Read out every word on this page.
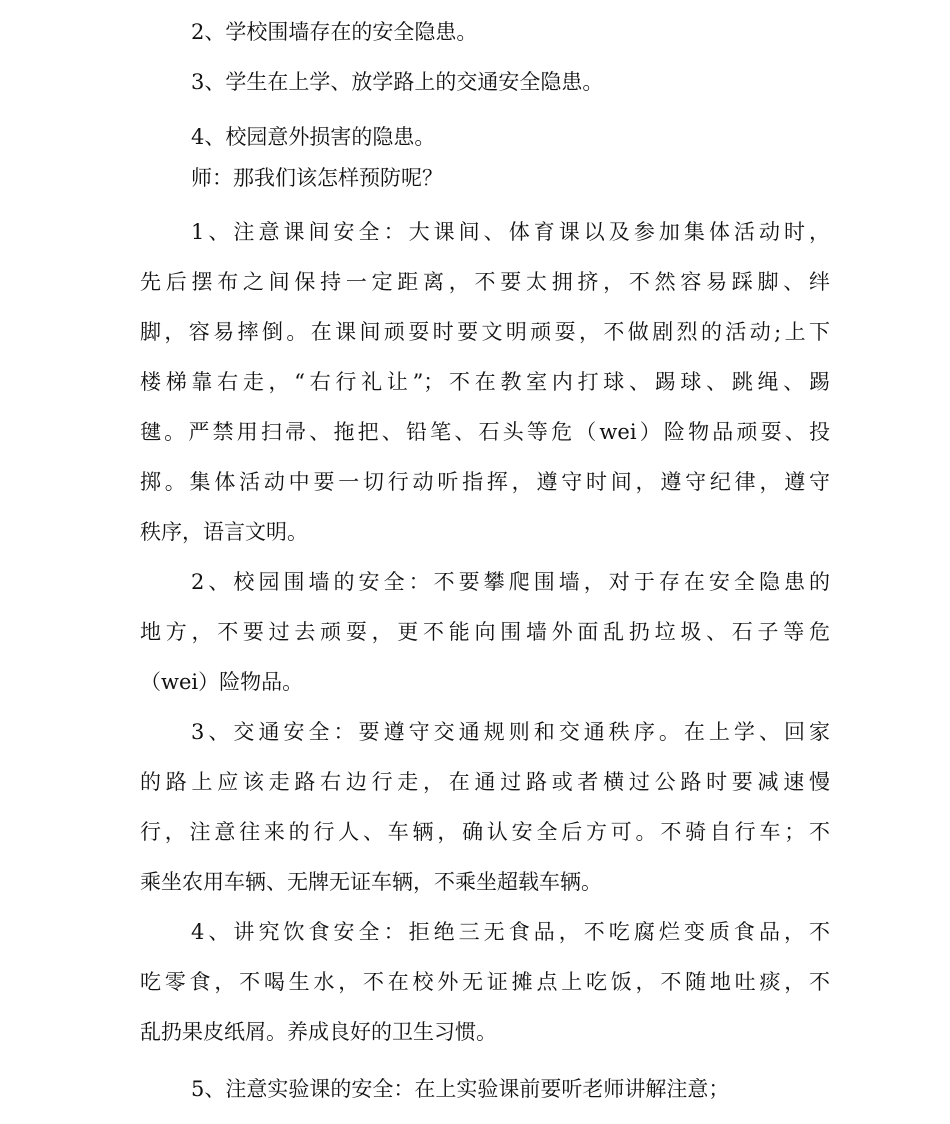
2、学校围墙存在的安全隐患。
3、学生在上学、放学路上的交通安全隐患。
4、校园意外损害的隐患。
师：那我们该怎样预防呢？
1、注意课间安全：大课间、体育课以及参加集体活动时，
先后摆布之间保持一定距离，不要太拥挤，不然容易踩脚、绊
脚，容易摔倒。在课间顽耍时要文明顽耍，不做剧烈的活动;上下
楼梯靠右走，“右行礼让”；不在教室内打球、踢球、跳绳、踢
毽。严禁用扫帚、拖把、铅笔、石头等危（wei）险物品顽耍、投
掷。集体活动中要一切行动听指挥，遵守时间，遵守纪律，遵守
秩序，语言文明。
2、校园围墙的安全：不要攀爬围墙，对于存在安全隐患的
地方，不要过去顽耍，更不能向围墙外面乱扔垃圾、石子等危
（wei）险物品。
3、交通安全：要遵守交通规则和交通秩序。在上学、回家
的路上应该走路右边行走，在通过路或者横过公路时要减速慢
行，注意往来的行人、车辆，确认安全后方可。不骑自行车；不
乘坐农用车辆、无牌无证车辆，不乘坐超载车辆。
4、讲究饮食安全：拒绝三无食品，不吃腐烂变质食品，不
吃零食，不喝生水，不在校外无证摊点上吃饭，不随地吐痰，不
乱扔果皮纸屑。养成良好的卫生习惯。
5、注意实验课的安全：在上实验课前要听老师讲解注意；
